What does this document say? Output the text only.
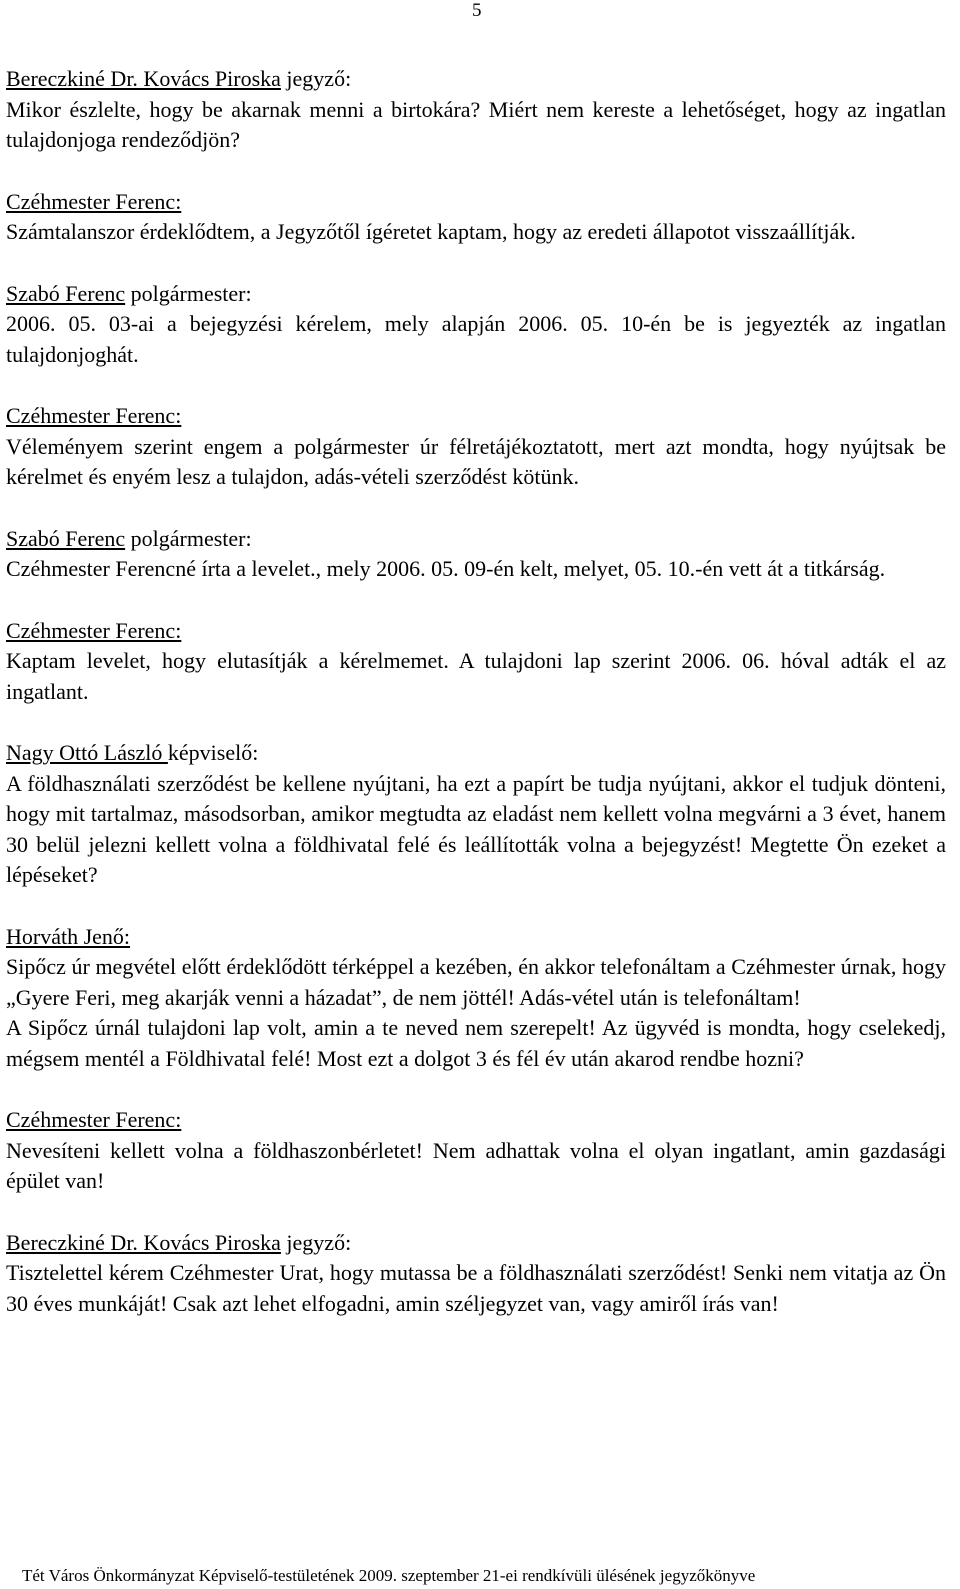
5
Bereczkiné Dr. Kovács Piroska jegyző:
Mikor észlelte, hogy be akarnak menni a birtokára? Miért nem kereste a lehetőséget, hogy az ingatlan tulajdonjoga rendeződjön?
Czéhmester Ferenc:
Számtalanszor érdeklődtem, a Jegyzőtől ígéretet kaptam, hogy az eredeti állapotot visszaállítják.
Szabó Ferenc polgármester:
2006. 05. 03-ai a bejegyzési kérelem, mely alapján 2006. 05. 10-én be is jegyezték az ingatlan tulajdonjoghát.
Czéhmester Ferenc:
Véleményem szerint engem a polgármester úr félretájékoztatott, mert azt mondta, hogy nyújtsak be kérelmet és enyém lesz a tulajdon, adás-vételi szerződést kötünk.
Szabó Ferenc polgármester:
Czéhmester Ferencné írta a levelet., mely 2006. 05. 09-én kelt, melyet, 05. 10.-én vett át a titkárság.
Czéhmester Ferenc:
Kaptam levelet, hogy elutasítják a kérelmemet. A tulajdoni lap szerint 2006. 06. hóval adták el az ingatlant.
Nagy Ottó László képviselő:
A földhasználati szerződést be kellene nyújtani, ha ezt a papírt be tudja nyújtani, akkor el tudjuk dönteni, hogy mit tartalmaz, másodsorban, amikor megtudta az eladást nem kellett volna megvárni a 3 évet, hanem 30 belül jelezni kellett volna a földhivatal felé és leállították volna a bejegyzést! Megtette Ön ezeket a lépéseket?
Horváth Jenő:
Sipőcz úr megvétel előtt érdeklődött térképpel a kezében, én akkor telefonáltam a Czéhmester úrnak, hogy „Gyere Feri, meg akarják venni a házadat”, de nem jöttél! Adás-vétel után is telefonáltam!
A Sipőcz úrnál tulajdoni lap volt, amin a te neved nem szerepelt! Az ügyvéd is mondta, hogy cselekedj, mégsem mentél a Földhivatal felé! Most ezt a dolgot 3 és fél év után akarod rendbe hozni?
Czéhmester Ferenc:
Nevesíteni kellett volna a földhaszonbérletet! Nem adhattak volna el olyan ingatlant, amin gazdasági épület van!
Bereczkiné Dr. Kovács Piroska jegyző:
Tisztelettel kérem Czéhmester Urat, hogy mutassa be a földhasználati szerződést! Senki nem vitatja az Ön 30 éves munkáját! Csak azt lehet elfogadni, amin széljegyzet van, vagy amiről írás van!
Tét Város Önkormányzat Képviselő-testületének 2009. szeptember 21-ei rendkívüli ülésének jegyzőkönyve
